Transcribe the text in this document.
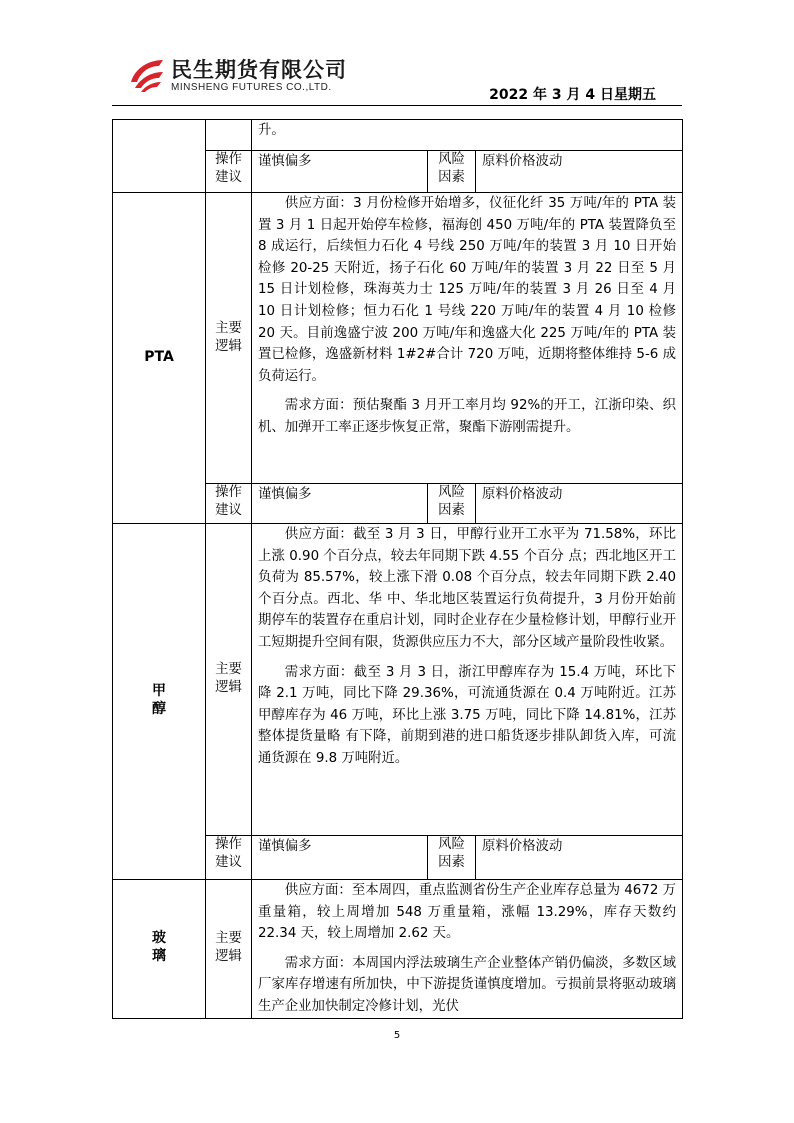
民生期货有限公司
MINSHENG FUTURES CO.,LTD.	2022 年 3 月 4 日星期五

		升。		

	操作建议	谨慎偏多	风险因素	原料价格波动

PTA	主要逻辑	供应方面：3 月份检修开始增多，仪征化纤 35 万吨/年的 PTA 装置 3 月 1 日起开始停车检修，福海创 450 万吨/年的 PTA 装置降负至 8 成运行，后续恒力石化 4 号线 250 万吨/年的装置 3 月 10 日开始检修 20-25 天附近，扬子石化 60 万吨/年的装置 3 月 22 日至 5 月 15 日计划检修，珠海英力士 125 万吨/年的装置 3 月 26 日至 4 月 10 日计划检修；恒力石化 1 号线 220 万吨/年的装置 4 月 10 检修 20 天。目前逸盛宁波 200 万吨/年和逸盛大化 225 万吨/年的 PTA 装置已检修，逸盛新材料 1#2#合计 720 万吨，近期将整体维持 5-6 成负荷运行。

需求方面：预估聚酯 3 月开工率月均 92%的开工，江浙印染、织机、加弹开工率正逐步恢复正常，聚酯下游刚需提升。		

	操作建议	谨慎偏多	风险因素	原料价格波动

甲醇	主要逻辑	供应方面：截至 3 月 3 日，甲醇行业开工水平为 71.58%，环比上涨 0.90 个百分点，较去年同期下跌 4.55 个百分 点；西北地区开工负荷为 85.57%，较上涨下滑 0.08 个百分点，较去年同期下跌 2.40 个百分点。西北、华 中、华北地区装置运行负荷提升，3 月份开始前期停车的装置存在重启计划，同时企业存在少量检修计划，甲醇行业开工短期提升空间有限，货源供应压力不大，部分区域产量阶段性收紧。

需求方面：截至 3 月 3 日，浙江甲醇库存为 15.4 万吨，环比下降 2.1 万吨，同比下降 29.36%，可流通货源在 0.4 万吨附近。江苏甲醇库存为 46 万吨，环比上涨 3.75 万吨，同比下降 14.81%，江苏整体提货量略 有下降，前期到港的进口船货逐步排队卸货入库，可流通货源在 9.8 万吨附近。		

	操作建议	谨慎偏多	风险因素	原料价格波动

玻璃	主要逻辑	供应方面：至本周四，重点监测省份生产企业库存总量为 4672 万 重量箱，较上周增加 548 万重量箱，涨幅 13.29%，库存天数约 22.34 天，较上周增加 2.62 天。

需求方面：本周国内浮法玻璃生产企业整体产销仍偏淡，多数区域厂家库存增速有所加快，中下游提货谨慎度增加。亏损前景将驱动玻璃生产企业加快制定冷修计划，光伏		

5
